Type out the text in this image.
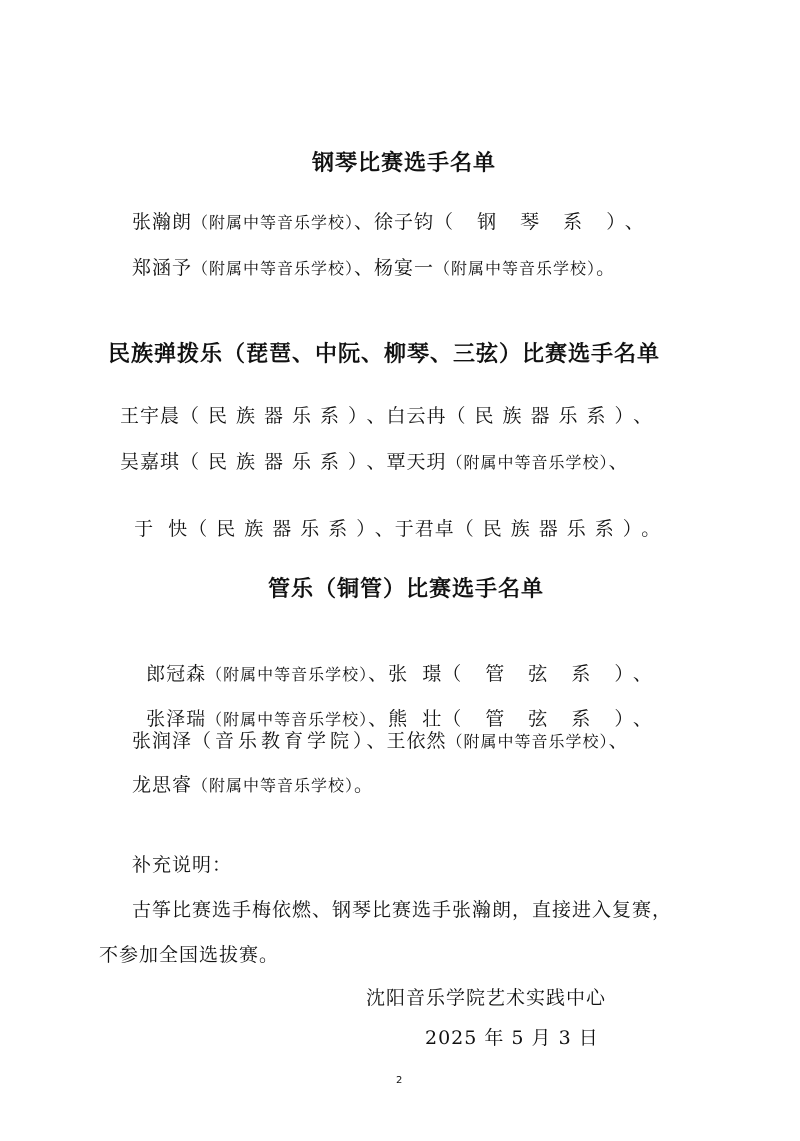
钢琴比赛选手名单
张瀚朗（附属中等音乐学校）、徐子钧（ 钢 琴 系 ）、
郑涵予（附属中等音乐学校）、杨宴一（附属中等音乐学校）。
民族弹拨乐（琵琶、中阮、柳琴、三弦）比赛选手名单
王宇晨（民族器乐系）、白云冉（民族器乐系）、
吴嘉琪（民族器乐系）、覃天玥（附属中等音乐学校）、

于  快（民族器乐系）、于君卓（民族器乐系）。

管乐（铜管）比赛选手名单

郎冠森（附属中等音乐学校）、张  璟（ 管 弦 系 ）、

张泽瑞（附属中等音乐学校）、熊  壮（ 管 弦 系 ）、

张润泽（音乐教育学院）、王依然（附属中等音乐学校）、
龙思睿（附属中等音乐学校）。
补充说明：
古筝比赛选手梅依燃、钢琴比赛选手张瀚朗，直接进入复赛，
不参加全国选拔赛。
沈阳音乐学院艺术实践中心
2025 年 5 月 3 日
2
